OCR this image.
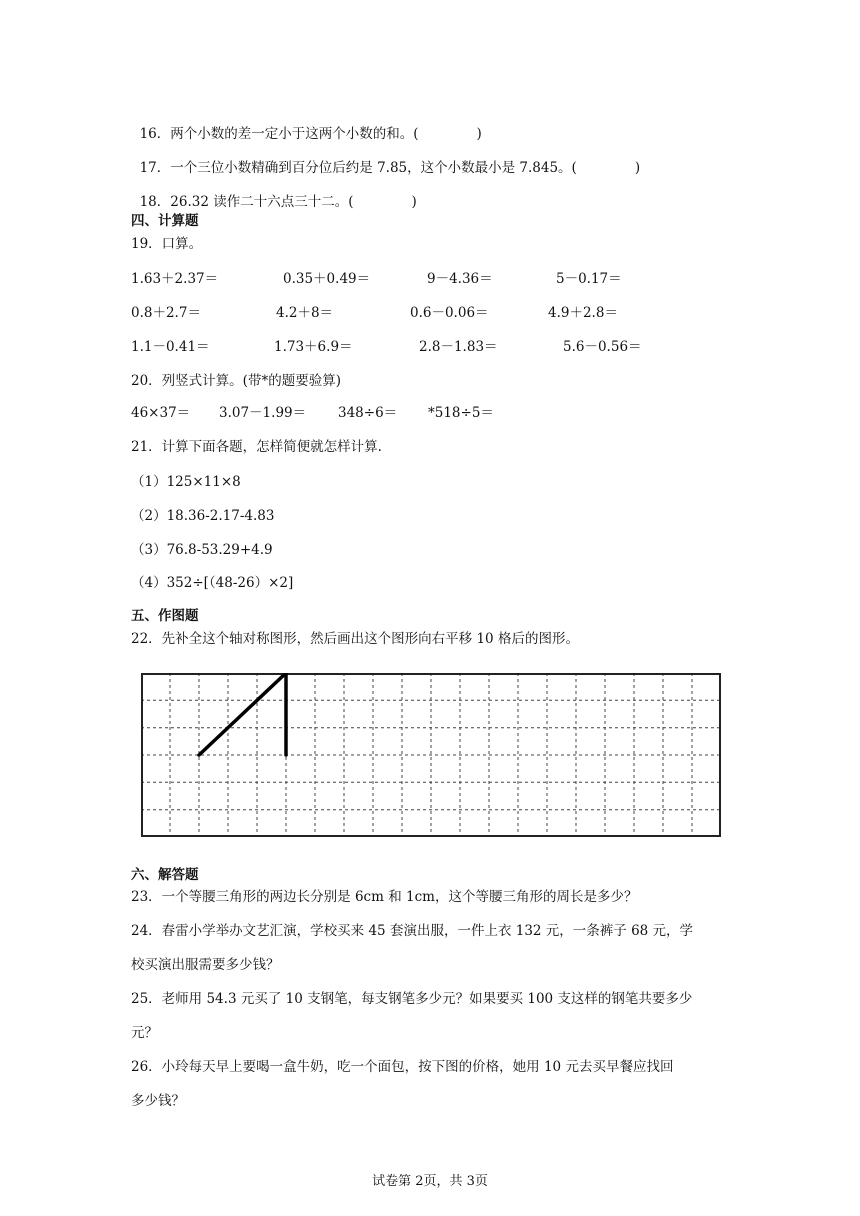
16．两个小数的差一定小于这两个小数的和。(	)

17．一个三位小数精确到百分位后约是 7.85，这个小数最小是 7.845。(	)

18．26.32 读作二十六点三十二。(	)

四、计算题
19．口算。
1.63＋2.37＝	0.35＋0.49＝	9－4.36＝	5－0.17＝
0.8＋2.7＝	4.2＋8＝	0.6－0.06＝	4.9＋2.8＝
1.1－0.41＝	1.73＋6.9＝	2.8－1.83＝	5.6－0.56＝
20．列竖式计算。(带*的题要验算)
46×37＝ 3.07－1.99＝ 348÷6＝ *518÷5＝
21．计算下面各题，怎样简便就怎样计算.
（1）125×11×8
（2）18.36-2.17-4.83
（3）76.8-53.29+4.9
（4）352÷[（48-26）×2]
五、作图题
22．先补全这个轴对称图形，然后画出这个图形向右平移 10 格后的图形。
六、解答题
23．一个等腰三角形的两边长分别是 6cm 和 1cm，这个等腰三角形的周长是多少？
24．春雷小学举办文艺汇演，学校买来 45 套演出服，一件上衣 132 元，一条裤子 68 元，学
校买演出服需要多少钱？
25．老师用 54.3 元买了 10 支钢笔，每支钢笔多少元？如果要买 100 支这样的钢笔共要多少
元？
26．小玲每天早上要喝一盒牛奶，吃一个面包，按下图的价格，她用 10 元去买早餐应找回
多少钱？
试卷第 2页，共 3页
